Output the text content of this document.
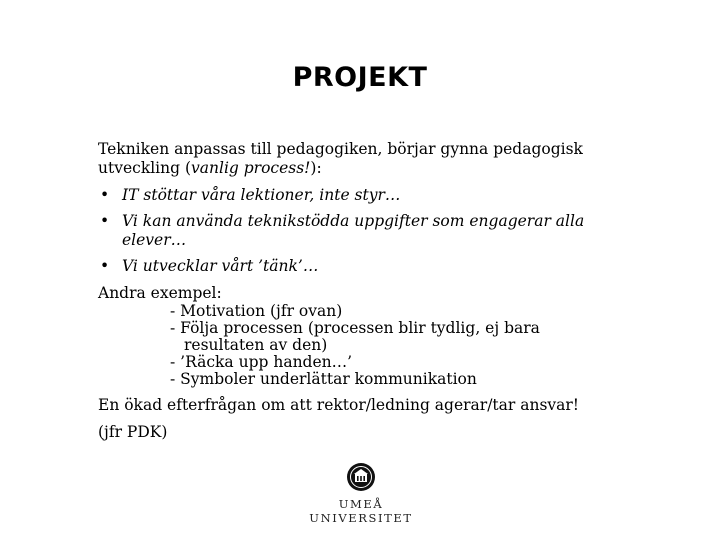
PROJEKT

Tekniken anpassas till pedagogiken, börjar gynna pedagogisk utveckling (vanlig process!):

• IT stöttar våra lektioner, inte styr…
• Vi kan använda teknikstödda uppgifter som engagerar alla elever…
• Vi utvecklar vårt ’tänk’…
Andra exempel:
- Motivation (jfr ovan)
- Följa processen (processen blir tydlig, ej bara
resultaten av den)
- ’Räcka upp handen…’
- Symboler underlättar kommunikation

En ökad efterfrågan om att rektor/ledning agerar/tar ansvar!

(jfr PDK)

UMEÅ UNIVERSITET
